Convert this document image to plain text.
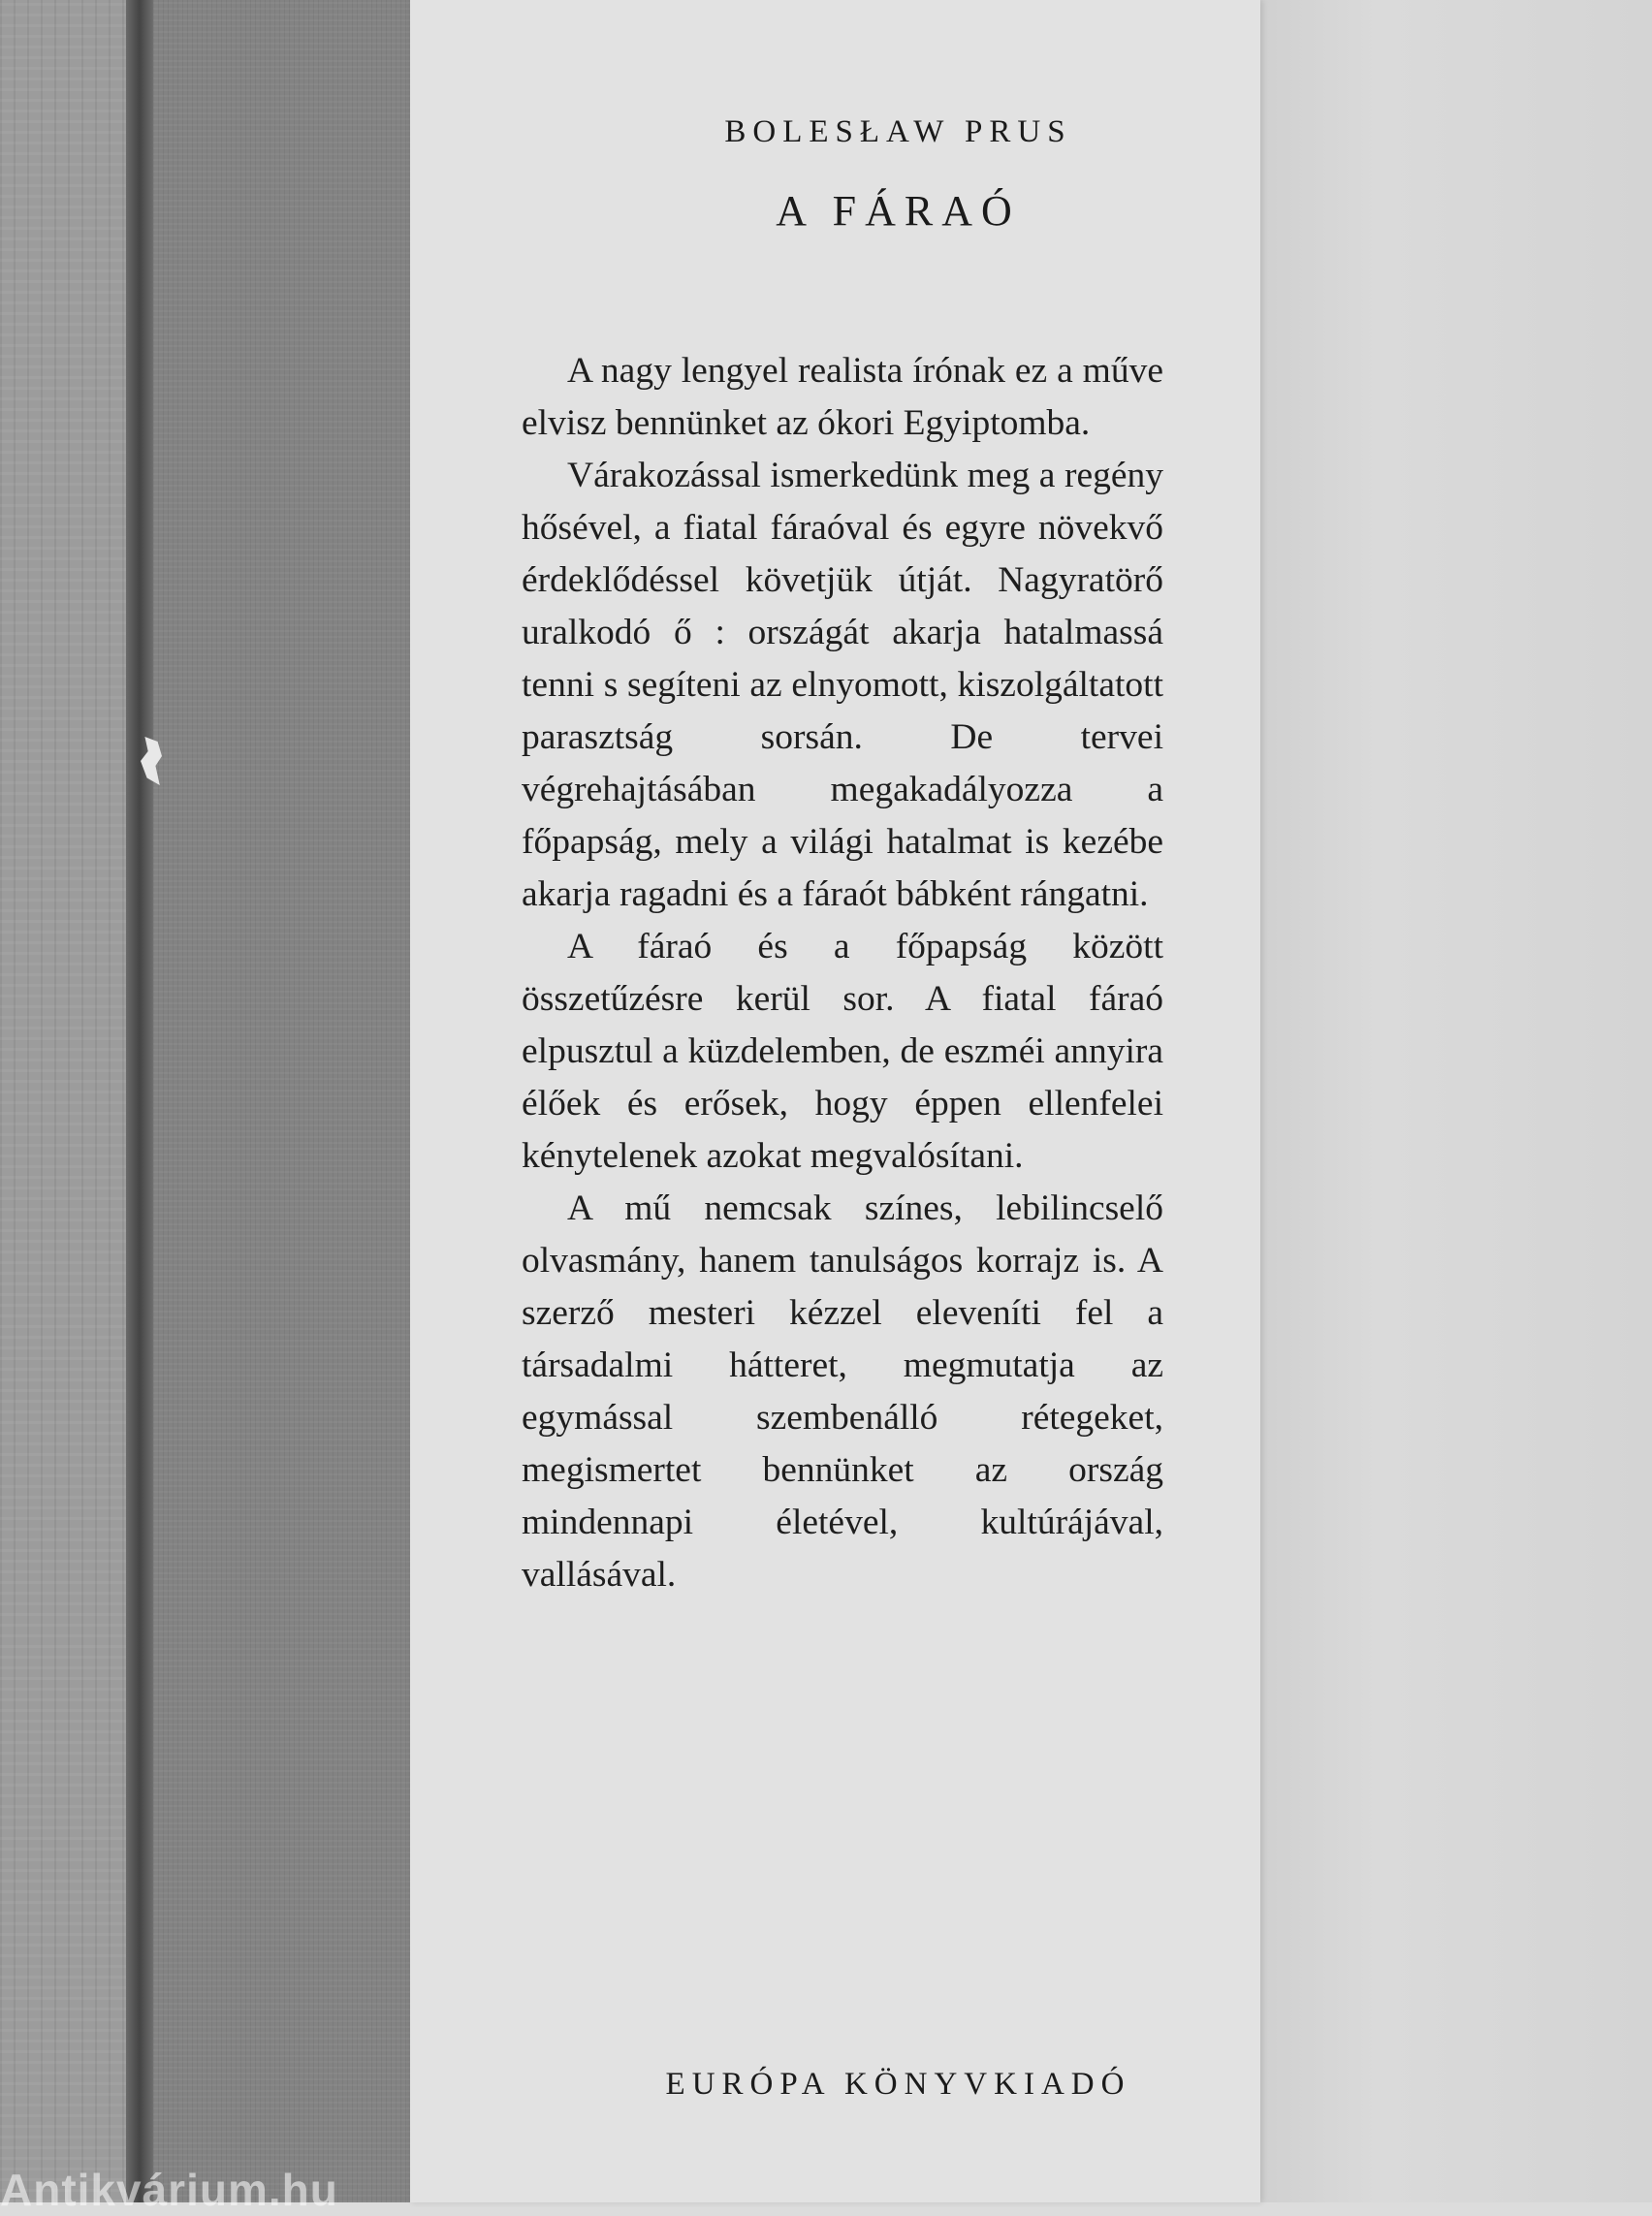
BOLESŁAW PRUS
A FÁRAÓ

A nagy lengyel realista írónak ez a műve elvisz bennünket az ókori Egyiptomba.

Várakozással ismerkedünk meg a regény hősével, a fiatal fáraóval és egyre növekvő érdeklődéssel követjük útját. Nagyratörő uralkodó ő : országát akarja hatalmassá tenni s segíteni az elnyomott, kiszolgáltatott parasztság sorsán. De tervei végrehajtásában megakadályozza a főpapság, mely a világi hatalmat is kezébe akarja ragadni és a fáraót bábként rángatni.

A fáraó és a főpapság között összetűzésre kerül sor. A fiatal fáraó elpusztul a küzdelemben, de eszméi annyira élőek és erősek, hogy éppen ellenfelei kénytelenek azokat megvalósítani.

A mű nemcsak színes, lebilincselő olvasmány, hanem tanulságos korrajz is. A szerző mesteri kézzel eleveníti fel a társadalmi hátteret, megmutatja az egymással szembenálló rétegeket, megismertet bennünket az ország mindennapi életével, kultúrájával, vallásával.

EURÓPA KÖNYVKIADÓ
Antikvárium.hu
